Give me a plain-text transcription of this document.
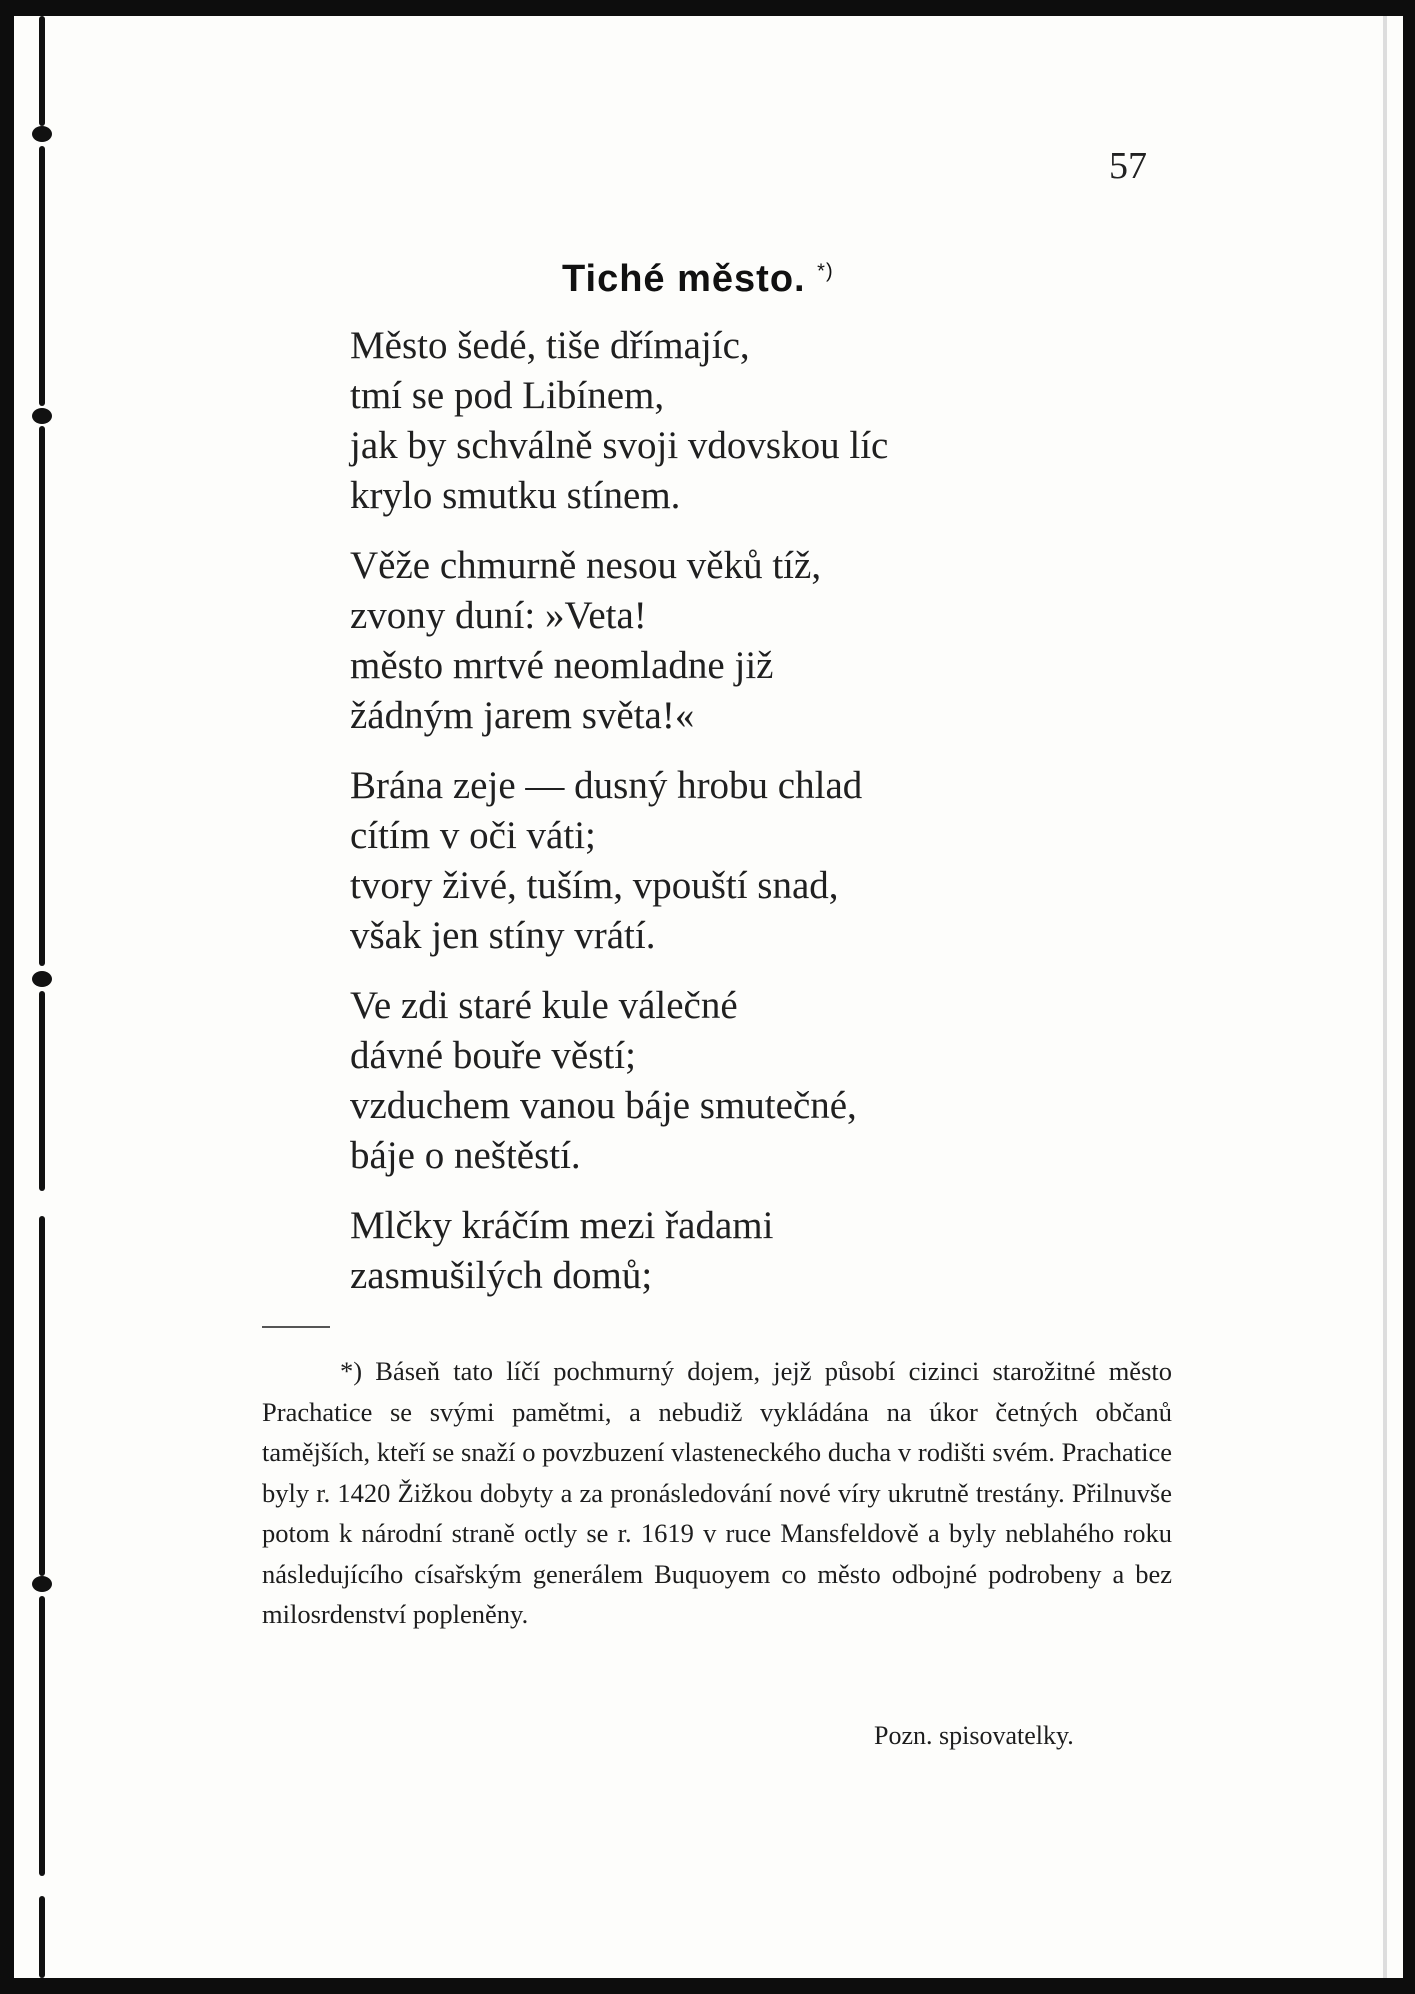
57
Tiché město. *)
Město šedé, tiše dřímajíc,
tmí se pod Libínem,
jak by schválně svoji vdovskou líc
krylo smutku stínem.
Věže chmurně nesou věků tíž,
zvony duní: »Veta!
město mrtvé neomladne již
žádným jarem světa!«
Brána zeje — dusný hrobu chlad
cítím v oči váti;
tvory živé, tuším, vpouští snad,
však jen stíny vrátí.
Ve zdi staré kule válečné
dávné bouře věstí;
vzduchem vanou báje smutečné,
báje o neštěstí.
Mlčky kráčím mezi řadami
zasmušilých domů;

*) Báseň tato líčí pochmurný dojem, jejž působí cizinci starožitné město Prachatice se svými pamětmi, a nebudiž vykládána na úkor četných občanů tamějších, kteří se snaží o povzbuzení vlasteneckého ducha v rodišti svém. Prachatice byly r. 1420 Žižkou dobyty a za pronásledování nové víry ukrutně trestány. Přilnuvše potom k národní straně octly se r. 1619 v ruce Mansfeldově a byly neblahého roku následujícího císařským generálem Buquoyem co město odbojné podrobeny a bez milosrdenství popleněny.

Pozn. spisovatelky.
